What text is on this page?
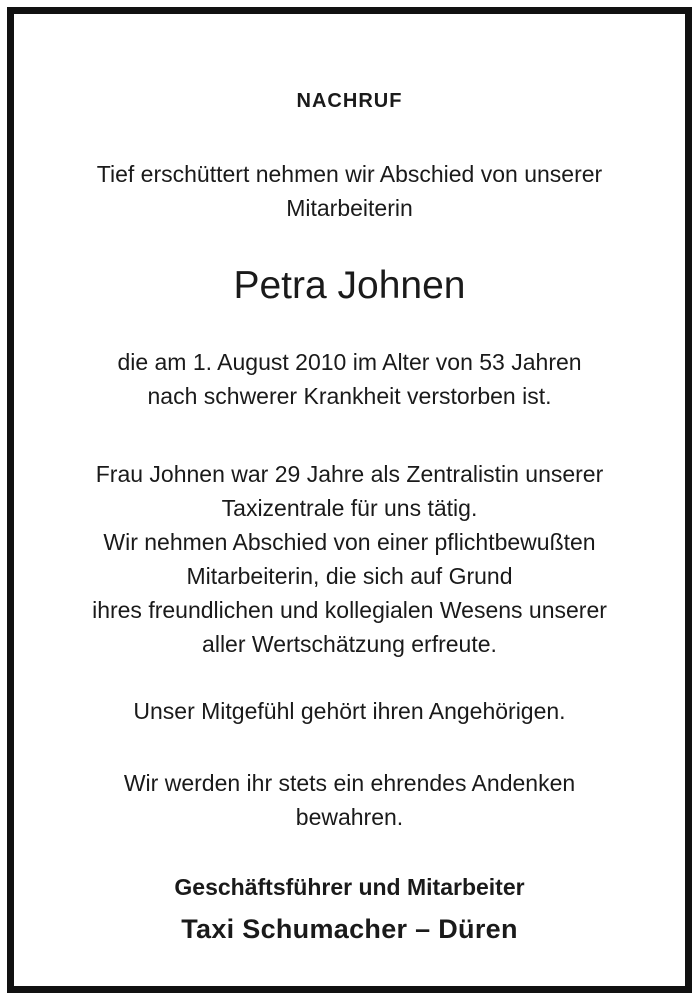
NACHRUF
Tief erschüttert nehmen wir Abschied von unserer
Mitarbeiterin
Petra Johnen
die am 1. August 2010 im Alter von 53 Jahren
nach schwerer Krankheit verstorben ist.
Frau Johnen war 29 Jahre als Zentralistin unserer
Taxizentrale für uns tätig.
Wir nehmen Abschied von einer pflichtbewußten
Mitarbeiterin, die sich auf Grund
ihres freundlichen und kollegialen Wesens unserer
aller Wertschätzung erfreute.
Unser Mitgefühl gehört ihren Angehörigen.
Wir werden ihr stets ein ehrendes Andenken
bewahren.
Geschäftsführer und Mitarbeiter
Taxi Schumacher – Düren
